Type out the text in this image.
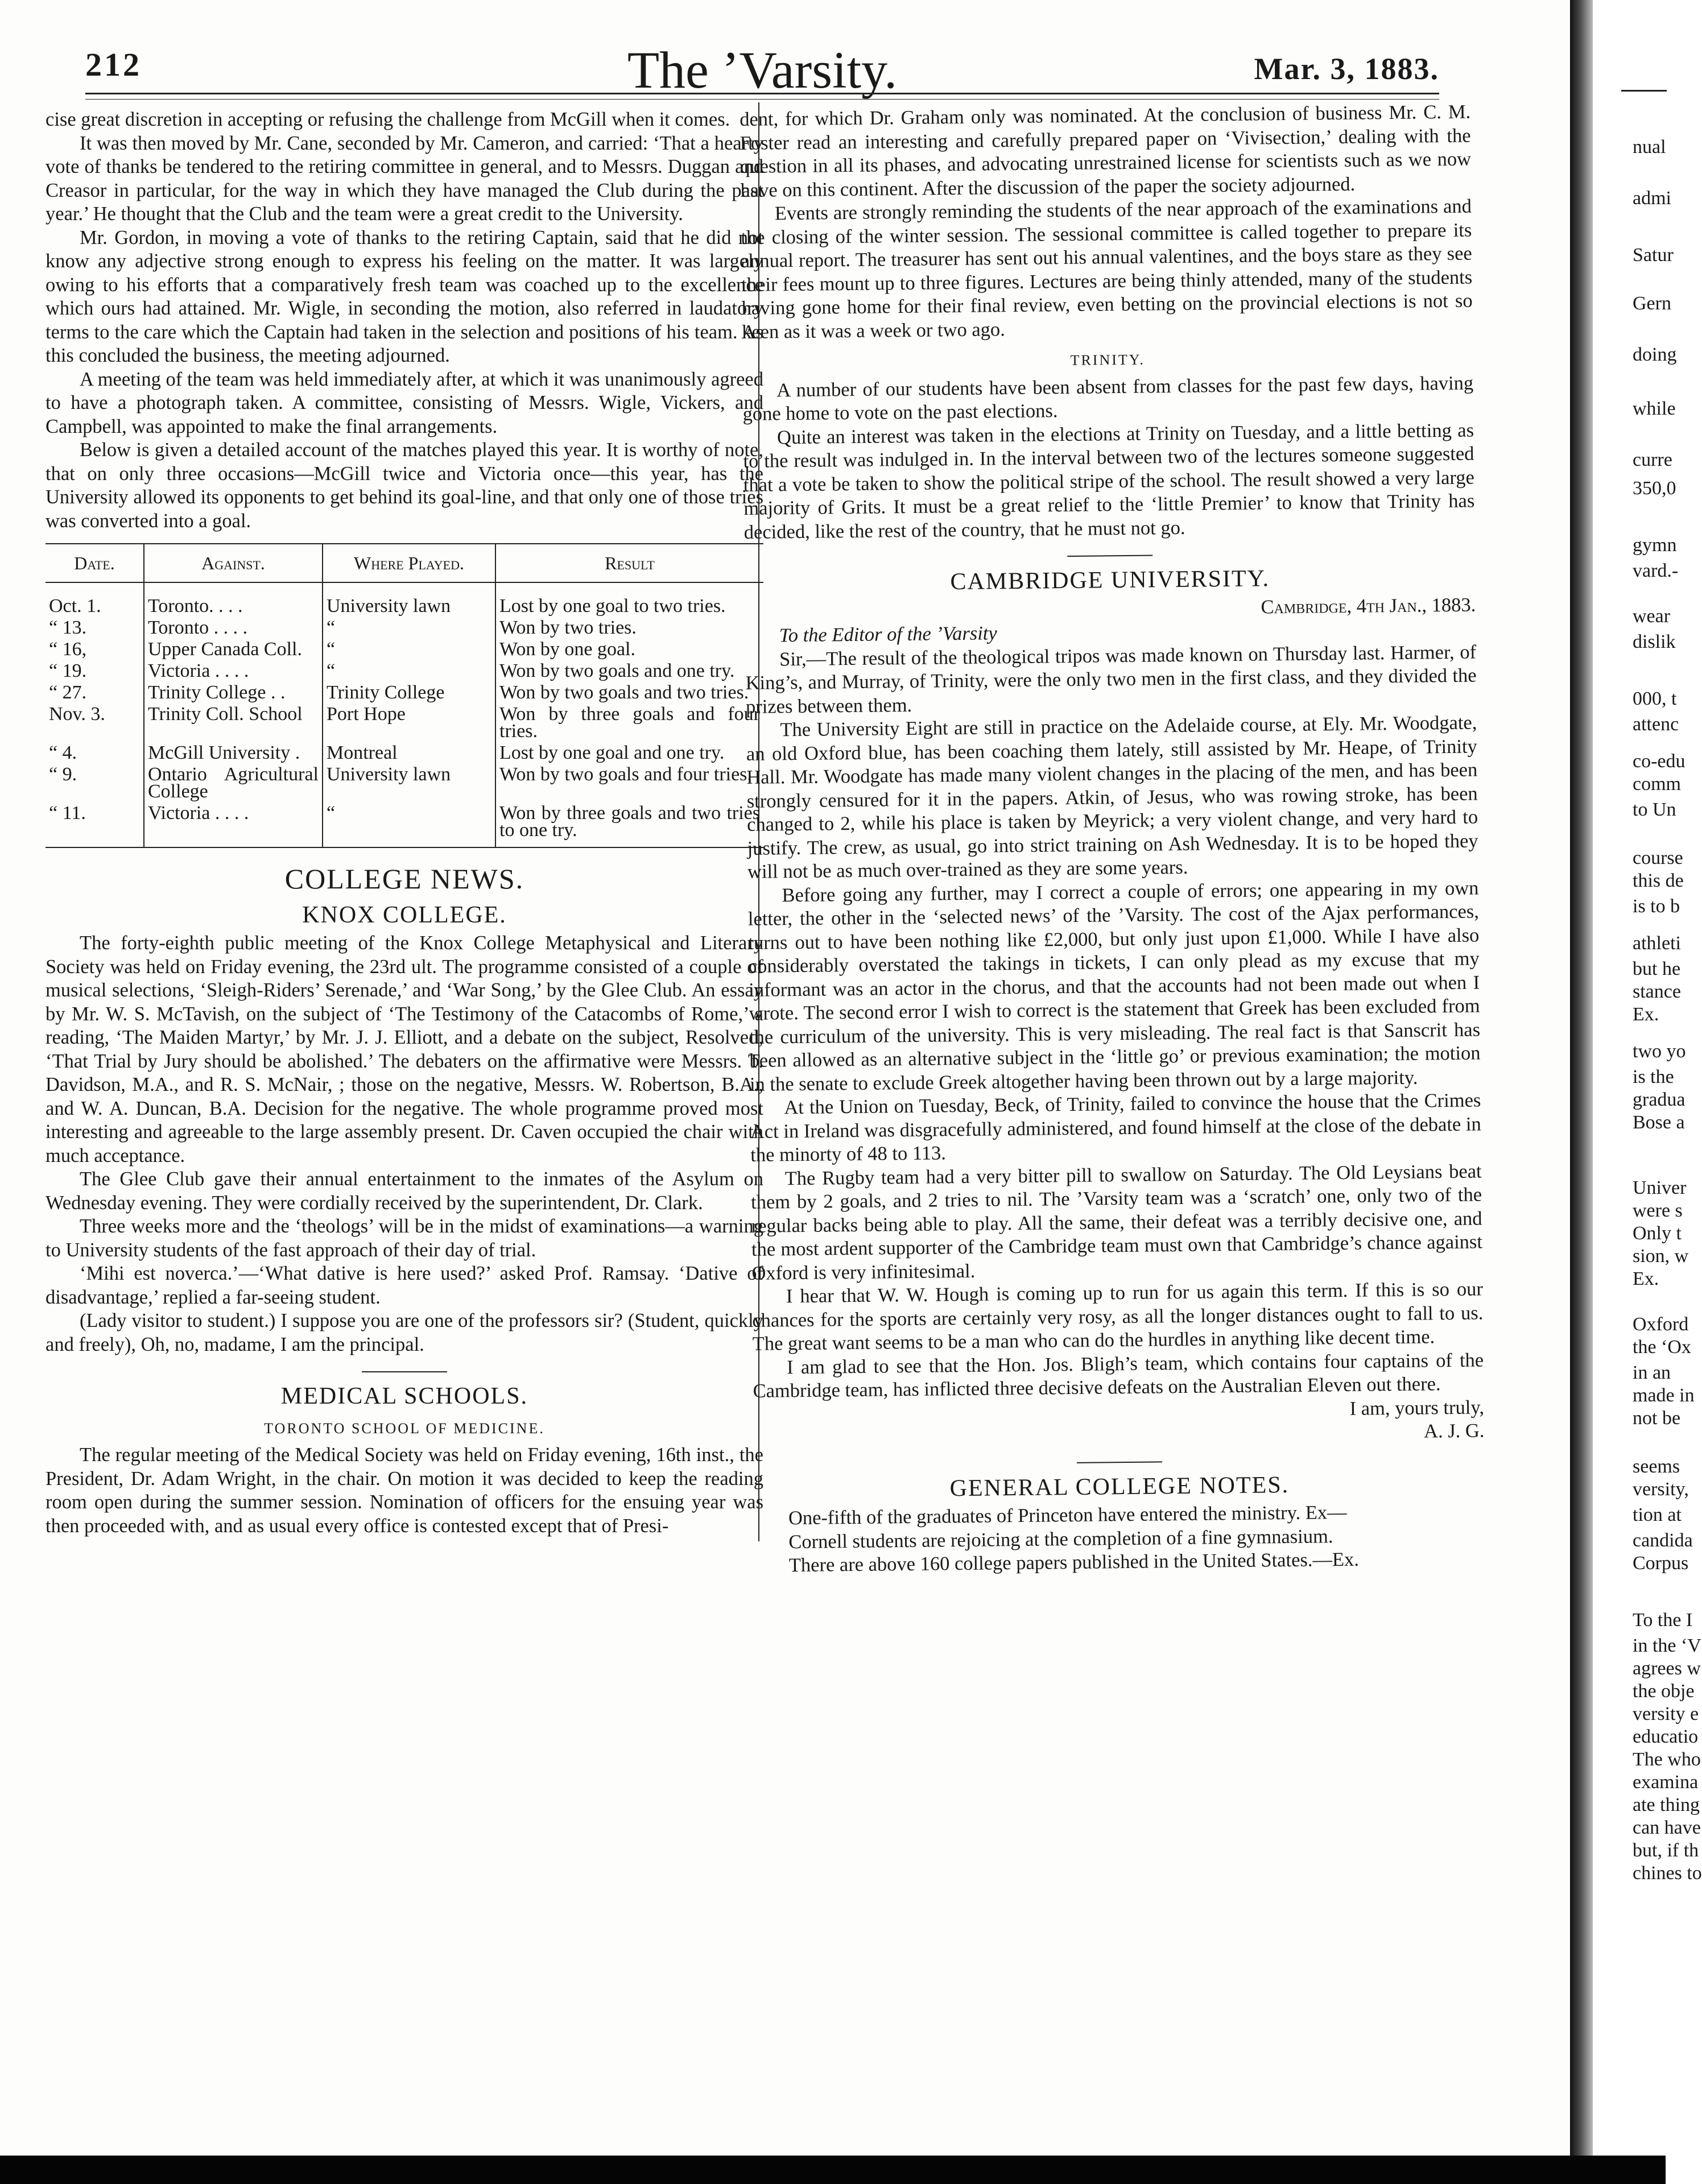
212	The ’Varsity.	Mar. 3, 1883.

cise great discretion in accepting or refusing the challenge from McGill when it comes.

It was then moved by Mr. Cane, seconded by Mr. Cameron, and carried: ‘That a hearty vote of thanks be tendered to the retiring committee in general, and to Messrs. Duggan and Creasor in particular, for the way in which they have managed the Club during the past year.’ He thought that the Club and the team were a great credit to the University.

Mr. Gordon, in moving a vote of thanks to the retiring Captain, said that he did not know any adjective strong enough to express his feeling on the matter. It was largely owing to his efforts that a comparatively fresh team was coached up to the excellence which ours had attained. Mr. Wigle, in seconding the motion, also referred in laudatory terms to the care which the Captain had taken in the selection and positions of his team. As this concluded the business, the meeting adjourned.

A meeting of the team was held immediately after, at which it was unanimously agreed to have a photograph taken. A committee, consisting of Messrs. Wigle, Vickers, and Campbell, was appointed to make the final arrangements.

Below is given a detailed account of the matches played this year. It is worthy of note, that on only three occasions—McGill twice and Victoria once—this year, has the University allowed its opponents to get behind its goal-line, and that only one of those tries was converted into a goal.

Date.	Against.	Where Played.	Result
Oct. 1.	Toronto. . . .	University lawn	Lost by one goal to two tries.
“ 13.	Toronto . . . .	“	Won by two tries.
“ 16,	Upper Canada Coll.	“	Won by one goal.
“ 19.	Victoria . . . .	“	Won by two goals and one try.
“ 27.	Trinity College . .	Trinity College	Won by two goals and two tries.
Nov. 3.	Trinity Coll. School	Port Hope	Won by three goals and four tries.
“ 4.	McGill University .	Montreal	Lost by one goal and one try.
“ 9.	Ontario Agricultural College	University lawn	Won by two goals and four tries.
“ 11.	Victoria . . . .	“	Won by three goals and two tries to one try.
COLLEGE NEWS.
KNOX COLLEGE.

The forty-eighth public meeting of the Knox College Metaphysical and Literary Society was held on Friday evening, the 23rd ult. The programme consisted of a couple of musical selections, ‘Sleigh-Riders’ Serenade,’ and ‘War Song,’ by the Glee Club. An essay by Mr. W. S. McTavish, on the subject of ‘The Testimony of the Catacombs of Rome,’ a reading, ‘The Maiden Martyr,’ by Mr. J. J. Elliott, and a debate on the subject, Resolved, ‘That Trial by Jury should be abolished.’ The debaters on the affirmative were Messrs. T. Davidson, M.A., and R. S. McNair, ; those on the negative, Messrs. W. Robertson, B.A., and W. A. Duncan, B.A. Decision for the negative. The whole programme proved most interesting and agreeable to the large assembly present. Dr. Caven occupied the chair with much acceptance.

The Glee Club gave their annual entertainment to the inmates of the Asylum on Wednesday evening. They were cordially received by the superintendent, Dr. Clark.

Three weeks more and the ‘theologs’ will be in the midst of examinations—a warning to University students of the fast approach of their day of trial.

‘Mihi est noverca.’—‘What dative is here used?’ asked Prof. Ramsay. ‘Dative of disadvantage,’ replied a far-seeing student.

(Lady visitor to student.) I suppose you are one of the professors sir? (Student, quickly and freely), Oh, no, madame, I am the principal.

MEDICAL SCHOOLS.
TORONTO SCHOOL OF MEDICINE.

The regular meeting of the Medical Society was held on Friday evening, 16th inst., the President, Dr. Adam Wright, in the chair. On motion it was decided to keep the reading room open during the summer session. Nomination of officers for the ensuing year was then proceeded with, and as usual every office is contested except that of Presi-

dent, for which Dr. Graham only was nominated. At the conclusion of business Mr. C. M. Foster read an interesting and carefully prepared paper on ‘Vivisection,’ dealing with the question in all its phases, and advocating unrestrained license for scientists such as we now have on this continent. After the discussion of the paper the society adjourned.

Events are strongly reminding the students of the near approach of the examinations and the closing of the winter session. The sessional committee is called together to prepare its annual report. The treasurer has sent out his annual valentines, and the boys stare as they see their fees mount up to three figures. Lectures are being thinly attended, many of the students having gone home for their final review, even betting on the provincial elections is not so keen as it was a week or two ago.

TRINITY.

A number of our students have been absent from classes for the past few days, having gone home to vote on the past elections.

Quite an interest was taken in the elections at Trinity on Tuesday, and a little betting as to the result was indulged in. In the interval between two of the lectures someone suggested that a vote be taken to show the political stripe of the school. The result showed a very large majority of Grits. It must be a great relief to the ‘little Premier’ to know that Trinity has decided, like the rest of the country, that he must not go.

CAMBRIDGE UNIVERSITY.

Cambridge, 4th Jan., 1883.

To the Editor of the ’Varsity

Sir,—The result of the theological tripos was made known on Thursday last. Harmer, of King’s, and Murray, of Trinity, were the only two men in the first class, and they divided the prizes between them.

The University Eight are still in practice on the Adelaide course, at Ely. Mr. Woodgate, an old Oxford blue, has been coaching them lately, still assisted by Mr. Heape, of Trinity Hall. Mr. Woodgate has made many violent changes in the placing of the men, and has been strongly censured for it in the papers. Atkin, of Jesus, who was rowing stroke, has been changed to 2, while his place is taken by Meyrick; a very violent change, and very hard to justify. The crew, as usual, go into strict training on Ash Wednesday. It is to be hoped they will not be as much over-trained as they are some years.

Before going any further, may I correct a couple of errors; one appearing in my own letter, the other in the ‘selected news’ of the ’Varsity. The cost of the Ajax performances, turns out to have been nothing like £2,000, but only just upon £1,000. While I have also considerably overstated the takings in tickets, I can only plead as my excuse that my informant was an actor in the chorus, and that the accounts had not been made out when I wrote. The second error I wish to correct is the statement that Greek has been excluded from the curriculum of the university. This is very misleading. The real fact is that Sanscrit has been allowed as an alternative subject in the ‘little go’ or previous examination; the motion in the senate to exclude Greek altogether having been thrown out by a large majority.

At the Union on Tuesday, Beck, of Trinity, failed to convince the house that the Crimes Act in Ireland was disgracefully administered, and found himself at the close of the debate in the minorty of 48 to 113.

The Rugby team had a very bitter pill to swallow on Saturday. The Old Leysians beat them by 2 goals, and 2 tries to nil. The ’Varsity team was a ‘scratch’ one, only two of the regular backs being able to play. All the same, their defeat was a terribly decisive one, and the most ardent supporter of the Cambridge team must own that Cambridge’s chance against Oxford is very infinitesimal.

I hear that W. W. Hough is coming up to run for us again this term. If this is so our chances for the sports are certainly very rosy, as all the longer distances ought to fall to us. The great want seems to be a man who can do the hurdles in anything like decent time.

I am glad to see that the Hon. Jos. Bligh’s team, which contains four captains of the Cambridge team, has inflicted three decisive defeats on the Australian Eleven out there.

I am, yours truly,

A. J. G.

GENERAL COLLEGE NOTES.

One-fifth of the graduates of Princeton have entered the ministry. Ex—

Cornell students are rejoicing at the completion of a fine gymnasium.

There are above 160 college papers published in the United States.—Ex.

nual
admi
Satur
Gern
doing
while
curre
350,0
gymn
vard.-
wear
dislik
000, t
attenc
co-edu
comm
to Un
course
this de
is to b
athleti
but he
stance
Ex.
two yo
is the
gradua
Bose a
Univer
were s
Only t
sion, w
Ex.
Oxford
the ‘Ox
in an
made in
not be
seems
versity,
tion at
candida
Corpus
To the I
in the ‘V
agrees w
the obje
versity e
educatio
The who
examina
ate thing
can have
but, if th
chines to
